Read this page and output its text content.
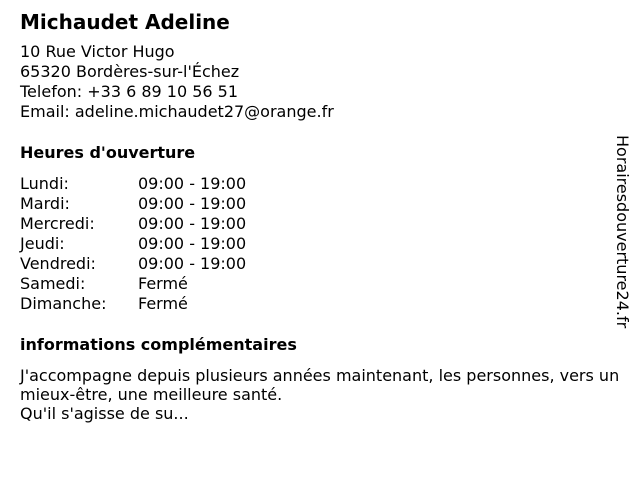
Michaudet Adeline
10 Rue Victor Hugo
65320 Bordères-sur-l'Échez
Telefon: +33 6 89 10 56 51
Email: adeline.michaudet27@orange.fr
Heures d'ouverture
Lundi:	09:00 - 19:00
Mardi:	09:00 - 19:00
Mercredi:	09:00 - 19:00
Jeudi:	09:00 - 19:00
Vendredi:	09:00 - 19:00
Samedi:	Fermé
Dimanche:	Fermé
informations complémentaires
J'accompagne depuis plusieurs années maintenant, les personnes, vers un mieux-être, une meilleure santé.
Qu'il s'agisse de su...
Horairesdouverture24.fr
